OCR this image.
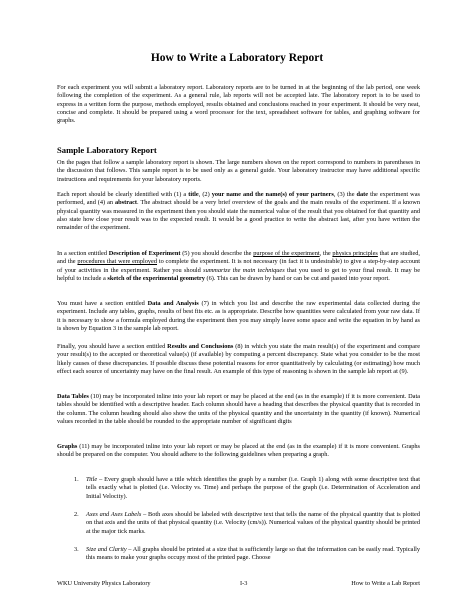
How to Write a Laboratory Report

For each experiment you will submit a laboratory report. Laboratory reports are to be turned in at the beginning of the lab period, one week following the completion of the experiment. As a general rule, lab reports will not be accepted late. The laboratory report is to be used to express in a written form the purpose, methods employed, results obtained and conclusions reached in your experiment. It should be very neat, concise and complete. It should be prepared using a word processor for the text, spreadsheet software for tables, and graphing software for graphs.

Sample Laboratory Report

On the pages that follow a sample laboratory report is shown. The large numbers shown on the report correspond to numbers in parentheses in the discussion that follows. This sample report is to be used only as a general guide. Your laboratory instructor may have additional specific instructions and requirements for your laboratory reports.

Each report should be clearly identified with (1) a title, (2) your name and the name(s) of your partners, (3) the date the experiment was performed, and (4) an abstract. The abstract should be a very brief overview of the goals and the main results of the experiment. If a known physical quantity was measured in the experiment then you should state the numerical value of the result that you obtained for that quantity and also state how close your result was to the expected result. It would be a good practice to write the abstract last, after you have written the remainder of the experiment.

In a section entitled Description of Experiment (5) you should describe the purpose of the experiment, the physics principles that are studied, and the procedures that were employed to complete the experiment. It is not necessary (in fact it is undesirable) to give a step-by-step account of your activities in the experiment. Rather you should summarize the main techniques that you used to get to your final result. It may be helpful to include a sketch of the experimental geometry (6). This can be drawn by hand or can be cut and pasted into your report.

You must have a section entitled Data and Analysis (7) in which you list and describe the raw experimental data collected during the experiment. Include any tables, graphs, results of best fits etc. as is appropriate. Describe how quantities were calculated from your raw data. If it is necessary to show a formula employed during the experiment then you may simply leave some space and write the equation in by hand as is shown by Equation 3 in the sample lab report.

Finally, you should have a section entitled Results and Conclusions (8) in which you state the main result(s) of the experiment and compare your result(s) to the accepted or theoretical value(s) (if available) by computing a percent discrepancy. State what you consider to be the most likely causes of these discrepancies. If possible discuss these potential reasons for error quantitatively by calculating (or estimating) how much effect each source of uncertainty may have on the final result. An example of this type of reasoning is shown in the sample lab report at (9).

Data Tables (10) may be incorporated inline into your lab report or may be placed at the end (as in the example) if it is more convenient. Data tables should be identified with a descriptive header. Each column should have a heading that describes the physical quantity that is recorded in the column. The column heading should also show the units of the physical quantity and the uncertainty in the quantity (if known). Numerical values recorded in the table should be rounded to the appropriate number of significant digits

Graphs (11) may be incorporated inline into your lab report or may be placed at the end (as in the example) if it is more convenient. Graphs should be prepared on the computer. You should adhere to the following guidelines when preparing a graph.

1. Title – Every graph should have a title which identifies the graph by a number (i.e. Graph 1) along with some descriptive text that tells exactly what is plotted (i.e. Velocity vs. Time) and perhaps the purpose of the graph (i.e. Determination of Acceleration and Initial Velocity).
2. Axes and Axes Labels – Both axes should be labeled with descriptive text that tells the name of the physical quantity that is plotted on that axis and the units of that physical quantity (i.e. Velocity (cm/s)). Numerical values of the physical quantity should be printed at the major tick marks.
3. Size and Clarity – All graphs should be printed at a size that is sufficiently large so that the information can be easily read. Typically this means to make your graphs occupy most of the printed page. Choose

WKU University Physics Laboratory	I-3	How to Write a Lab Report
